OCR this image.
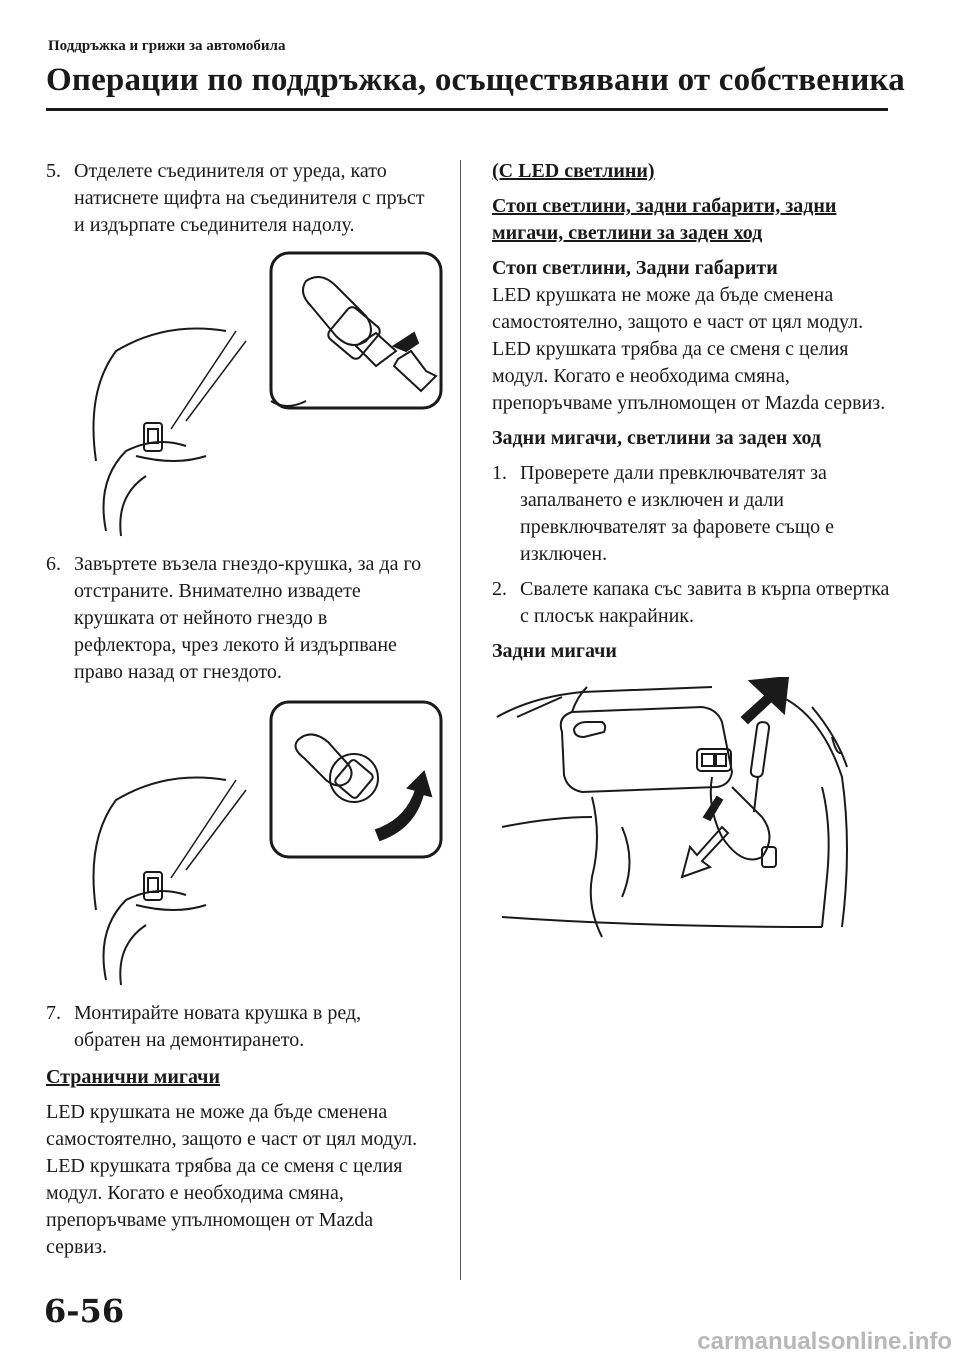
Поддръжка и грижи за автомобила
Операции по поддръжка, осъществявани от собственика
5. Отделете съединителя от уреда, като натиснете щифта на съединителя с пръст и издърпате съединителя надолу.
6. Завъртете възела гнездо-крушка, за да го отстраните. Внимателно извадете крушката от нейното гнездо в рефлектора, чрез лекото й издърпване право назад от гнездото.
7. Монтирайте новата крушка в ред, обратен на демонтирането.
Странични мигачи
LED крушката не може да бъде сменена самостоятелно, защото е част от цял модул. LED крушката трябва да се сменя с целия модул. Когато е необходима смяна, препоръчваме упълномощен от Mazda сервиз.
(С LED светлини)
Стоп светлини, задни габарити, задни мигачи, светлини за заден ход
Стоп светлини, Задни габарити
LED крушката не може да бъде сменена самостоятелно, защото е част от цял модул. LED крушката трябва да се сменя с целия модул. Когато е необходима смяна, препоръчваме упълномощен от Mazda сервиз.
Задни мигачи, светлини за заден ход
1. Проверете дали превключвателят за запалването е изключен и дали превключвателят за фаровете също е изключен.
2. Свалете капака със завита в кърпа отвертка с плосък накрайник.
Задни мигачи
6-56
carmanualsonline.info
